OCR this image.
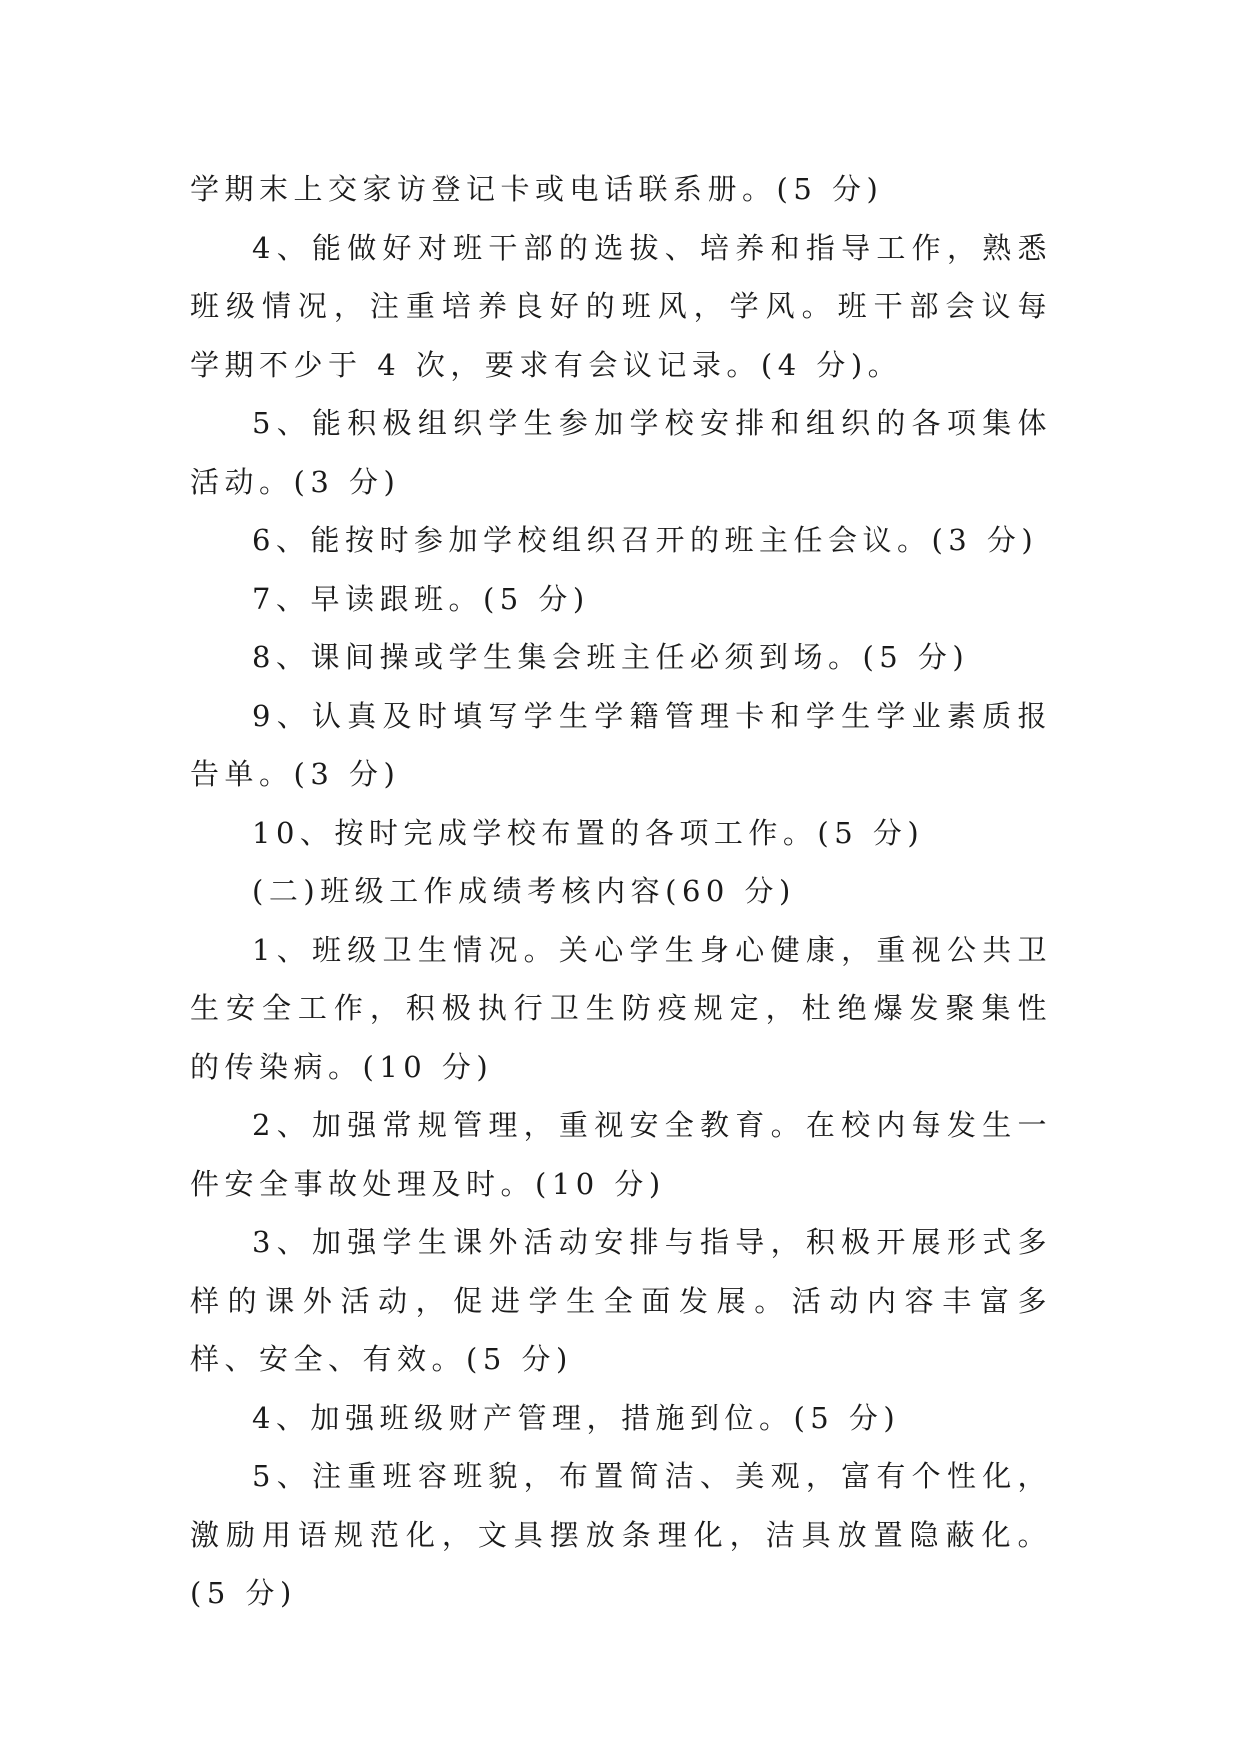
学期末上交家访登记卡或电话联系册。(5 分)

4、能做好对班干部的选拔、培养和指导工作，熟悉班级情况，注重培养良好的班风，学风。班干部会议每学期不少于 4 次，要求有会议记录。(4 分)。

5、能积极组织学生参加学校安排和组织的各项集体活动。(3 分)

6、能按时参加学校组织召开的班主任会议。(3 分)

7、早读跟班。(5 分)

8、课间操或学生集会班主任必须到场。(5 分)

9、认真及时填写学生学籍管理卡和学生学业素质报告单。(3 分)

10、按时完成学校布置的各项工作。(5 分)

(二)班级工作成绩考核内容(60 分)

1、班级卫生情况。关心学生身心健康，重视公共卫生安全工作，积极执行卫生防疫规定，杜绝爆发聚集性的传染病。(10 分)

2、加强常规管理，重视安全教育。在校内每发生一件安全事故处理及时。(10 分)

3、加强学生课外活动安排与指导，积极开展形式多样的课外活动，促进学生全面发展。活动内容丰富多样、安全、有效。(5 分)

4、加强班级财产管理，措施到位。(5 分)

5、注重班容班貌，布置简洁、美观，富有个性化，激励用语规范化，文具摆放条理化，洁具放置隐蔽化。(5 分)
